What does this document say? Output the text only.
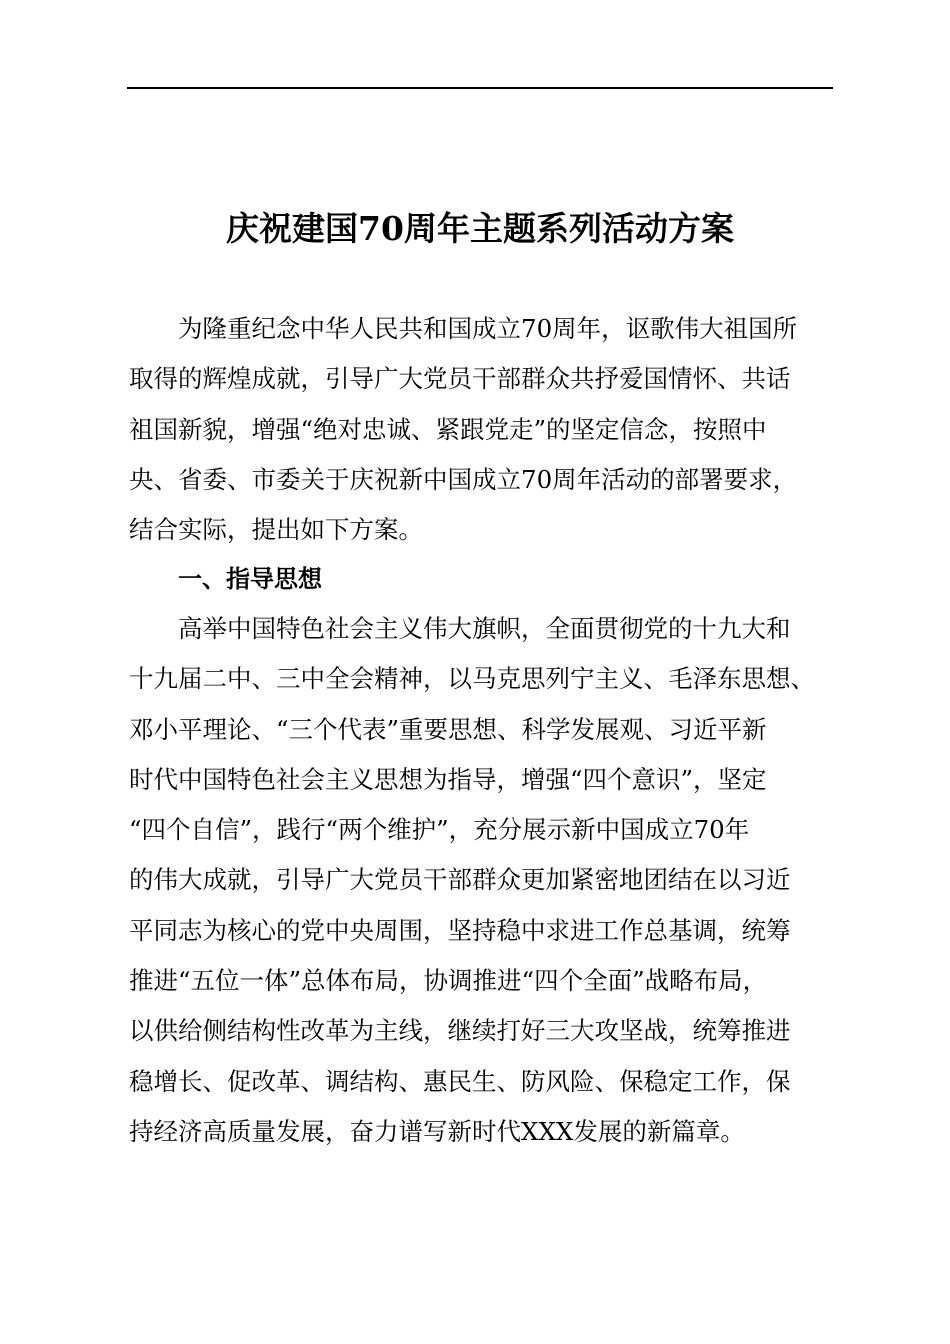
庆祝建国70周年主题系列活动方案
为隆重纪念中华人民共和国成立70周年，讴歌伟大祖国所
取得的辉煌成就，引导广大党员干部群众共抒爱国情怀、共话
祖国新貌，增强“绝对忠诚、紧跟党走”的坚定信念，按照中
央、省委、市委关于庆祝新中国成立70周年活动的部署要求，
结合实际，提出如下方案。
一、指导思想
高举中国特色社会主义伟大旗帜，全面贯彻党的十九大和
十九届二中、三中全会精神，以马克思列宁主义、毛泽东思想、
邓小平理论、“三个代表”重要思想、科学发展观、习近平新
时代中国特色社会主义思想为指导，增强“四个意识”，坚定
“四个自信”，践行“两个维护”，充分展示新中国成立70年
的伟大成就，引导广大党员干部群众更加紧密地团结在以习近
平同志为核心的党中央周围，坚持稳中求进工作总基调，统筹
推进“五位一体”总体布局，协调推进“四个全面”战略布局，
以供给侧结构性改革为主线，继续打好三大攻坚战，统筹推进
稳增长、促改革、调结构、惠民生、防风险、保稳定工作，保
持经济高质量发展，奋力谱写新时代XXX发展的新篇章。
